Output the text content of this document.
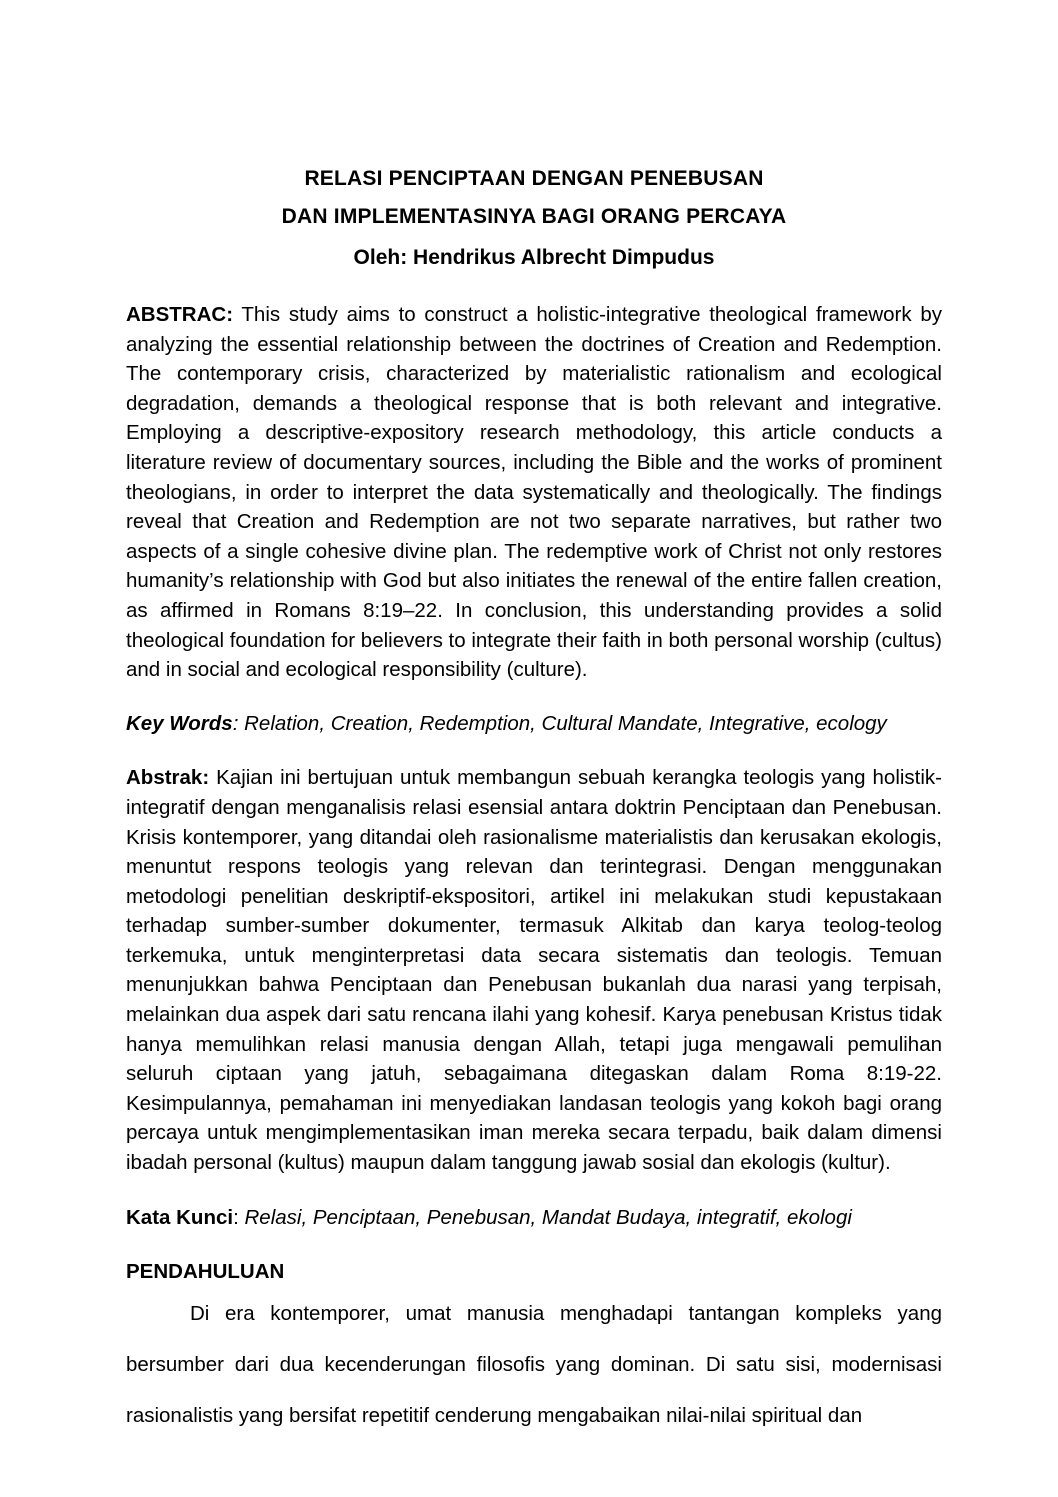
RELASI PENCIPTAAN DENGAN PENEBUSAN
DAN IMPLEMENTASINYA BAGI ORANG PERCAYA
Oleh: Hendrikus Albrecht Dimpudus

ABSTRAC: This study aims to construct a holistic-integrative theological framework by analyzing the essential relationship between the doctrines of Creation and Redemption. The contemporary crisis, characterized by materialistic rationalism and ecological degradation, demands a theological response that is both relevant and integrative. Employing a descriptive-expository research methodology, this article conducts a literature review of documentary sources, including the Bible and the works of prominent theologians, in order to interpret the data systematically and theologically. The findings reveal that Creation and Redemption are not two separate narratives, but rather two aspects of a single cohesive divine plan. The redemptive work of Christ not only restores humanity’s relationship with God but also initiates the renewal of the entire fallen creation, as affirmed in Romans 8:19–22. In conclusion, this understanding provides a solid theological foundation for believers to integrate their faith in both personal worship (cultus) and in social and ecological responsibility (culture).

Key Words: Relation, Creation, Redemption, Cultural Mandate, Integrative, ecology

Abstrak: Kajian ini bertujuan untuk membangun sebuah kerangka teologis yang holistik-integratif dengan menganalisis relasi esensial antara doktrin Penciptaan dan Penebusan. Krisis kontemporer, yang ditandai oleh rasionalisme materialistis dan kerusakan ekologis, menuntut respons teologis yang relevan dan terintegrasi. Dengan menggunakan metodologi penelitian deskriptif-ekspositori, artikel ini melakukan studi kepustakaan terhadap sumber-sumber dokumenter, termasuk Alkitab dan karya teolog-teolog terkemuka, untuk menginterpretasi data secara sistematis dan teologis. Temuan menunjukkan bahwa Penciptaan dan Penebusan bukanlah dua narasi yang terpisah, melainkan dua aspek dari satu rencana ilahi yang kohesif. Karya penebusan Kristus tidak hanya memulihkan relasi manusia dengan Allah, tetapi juga mengawali pemulihan seluruh ciptaan yang jatuh, sebagaimana ditegaskan dalam Roma 8:19-22. Kesimpulannya, pemahaman ini menyediakan landasan teologis yang kokoh bagi orang percaya untuk mengimplementasikan iman mereka secara terpadu, baik dalam dimensi ibadah personal (kultus) maupun dalam tanggung jawab sosial dan ekologis (kultur).

Kata Kunci: Relasi, Penciptaan, Penebusan, Mandat Budaya, integratif, ekologi

PENDAHULUAN

Di era kontemporer, umat manusia menghadapi tantangan kompleks yang bersumber dari dua kecenderungan filosofis yang dominan. Di satu sisi, modernisasi rasionalistis yang bersifat repetitif cenderung mengabaikan nilai-nilai spiritual dan
